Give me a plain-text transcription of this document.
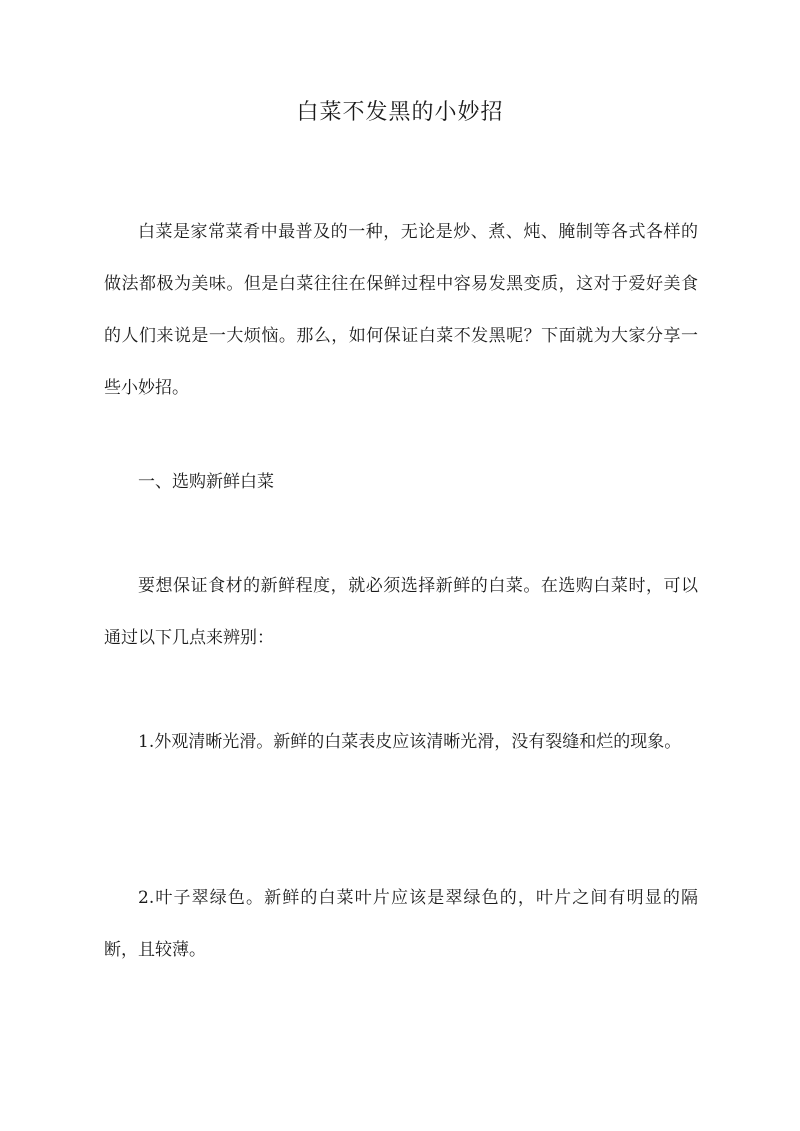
白菜不发黑的小妙招

白菜是家常菜肴中最普及的一种，无论是炒、煮、炖、腌制等各式各样的做法都极为美味。但是白菜往往在保鲜过程中容易发黑变质，这对于爱好美食的人们来说是一大烦恼。那么，如何保证白菜不发黑呢？下面就为大家分享一些小妙招。

一、选购新鲜白菜

要想保证食材的新鲜程度，就必须选择新鲜的白菜。在选购白菜时，可以通过以下几点来辨别：

1.外观清晰光滑。新鲜的白菜表皮应该清晰光滑，没有裂缝和烂的现象。

2.叶子翠绿色。新鲜的白菜叶片应该是翠绿色的，叶片之间有明显的隔断，且较薄。
